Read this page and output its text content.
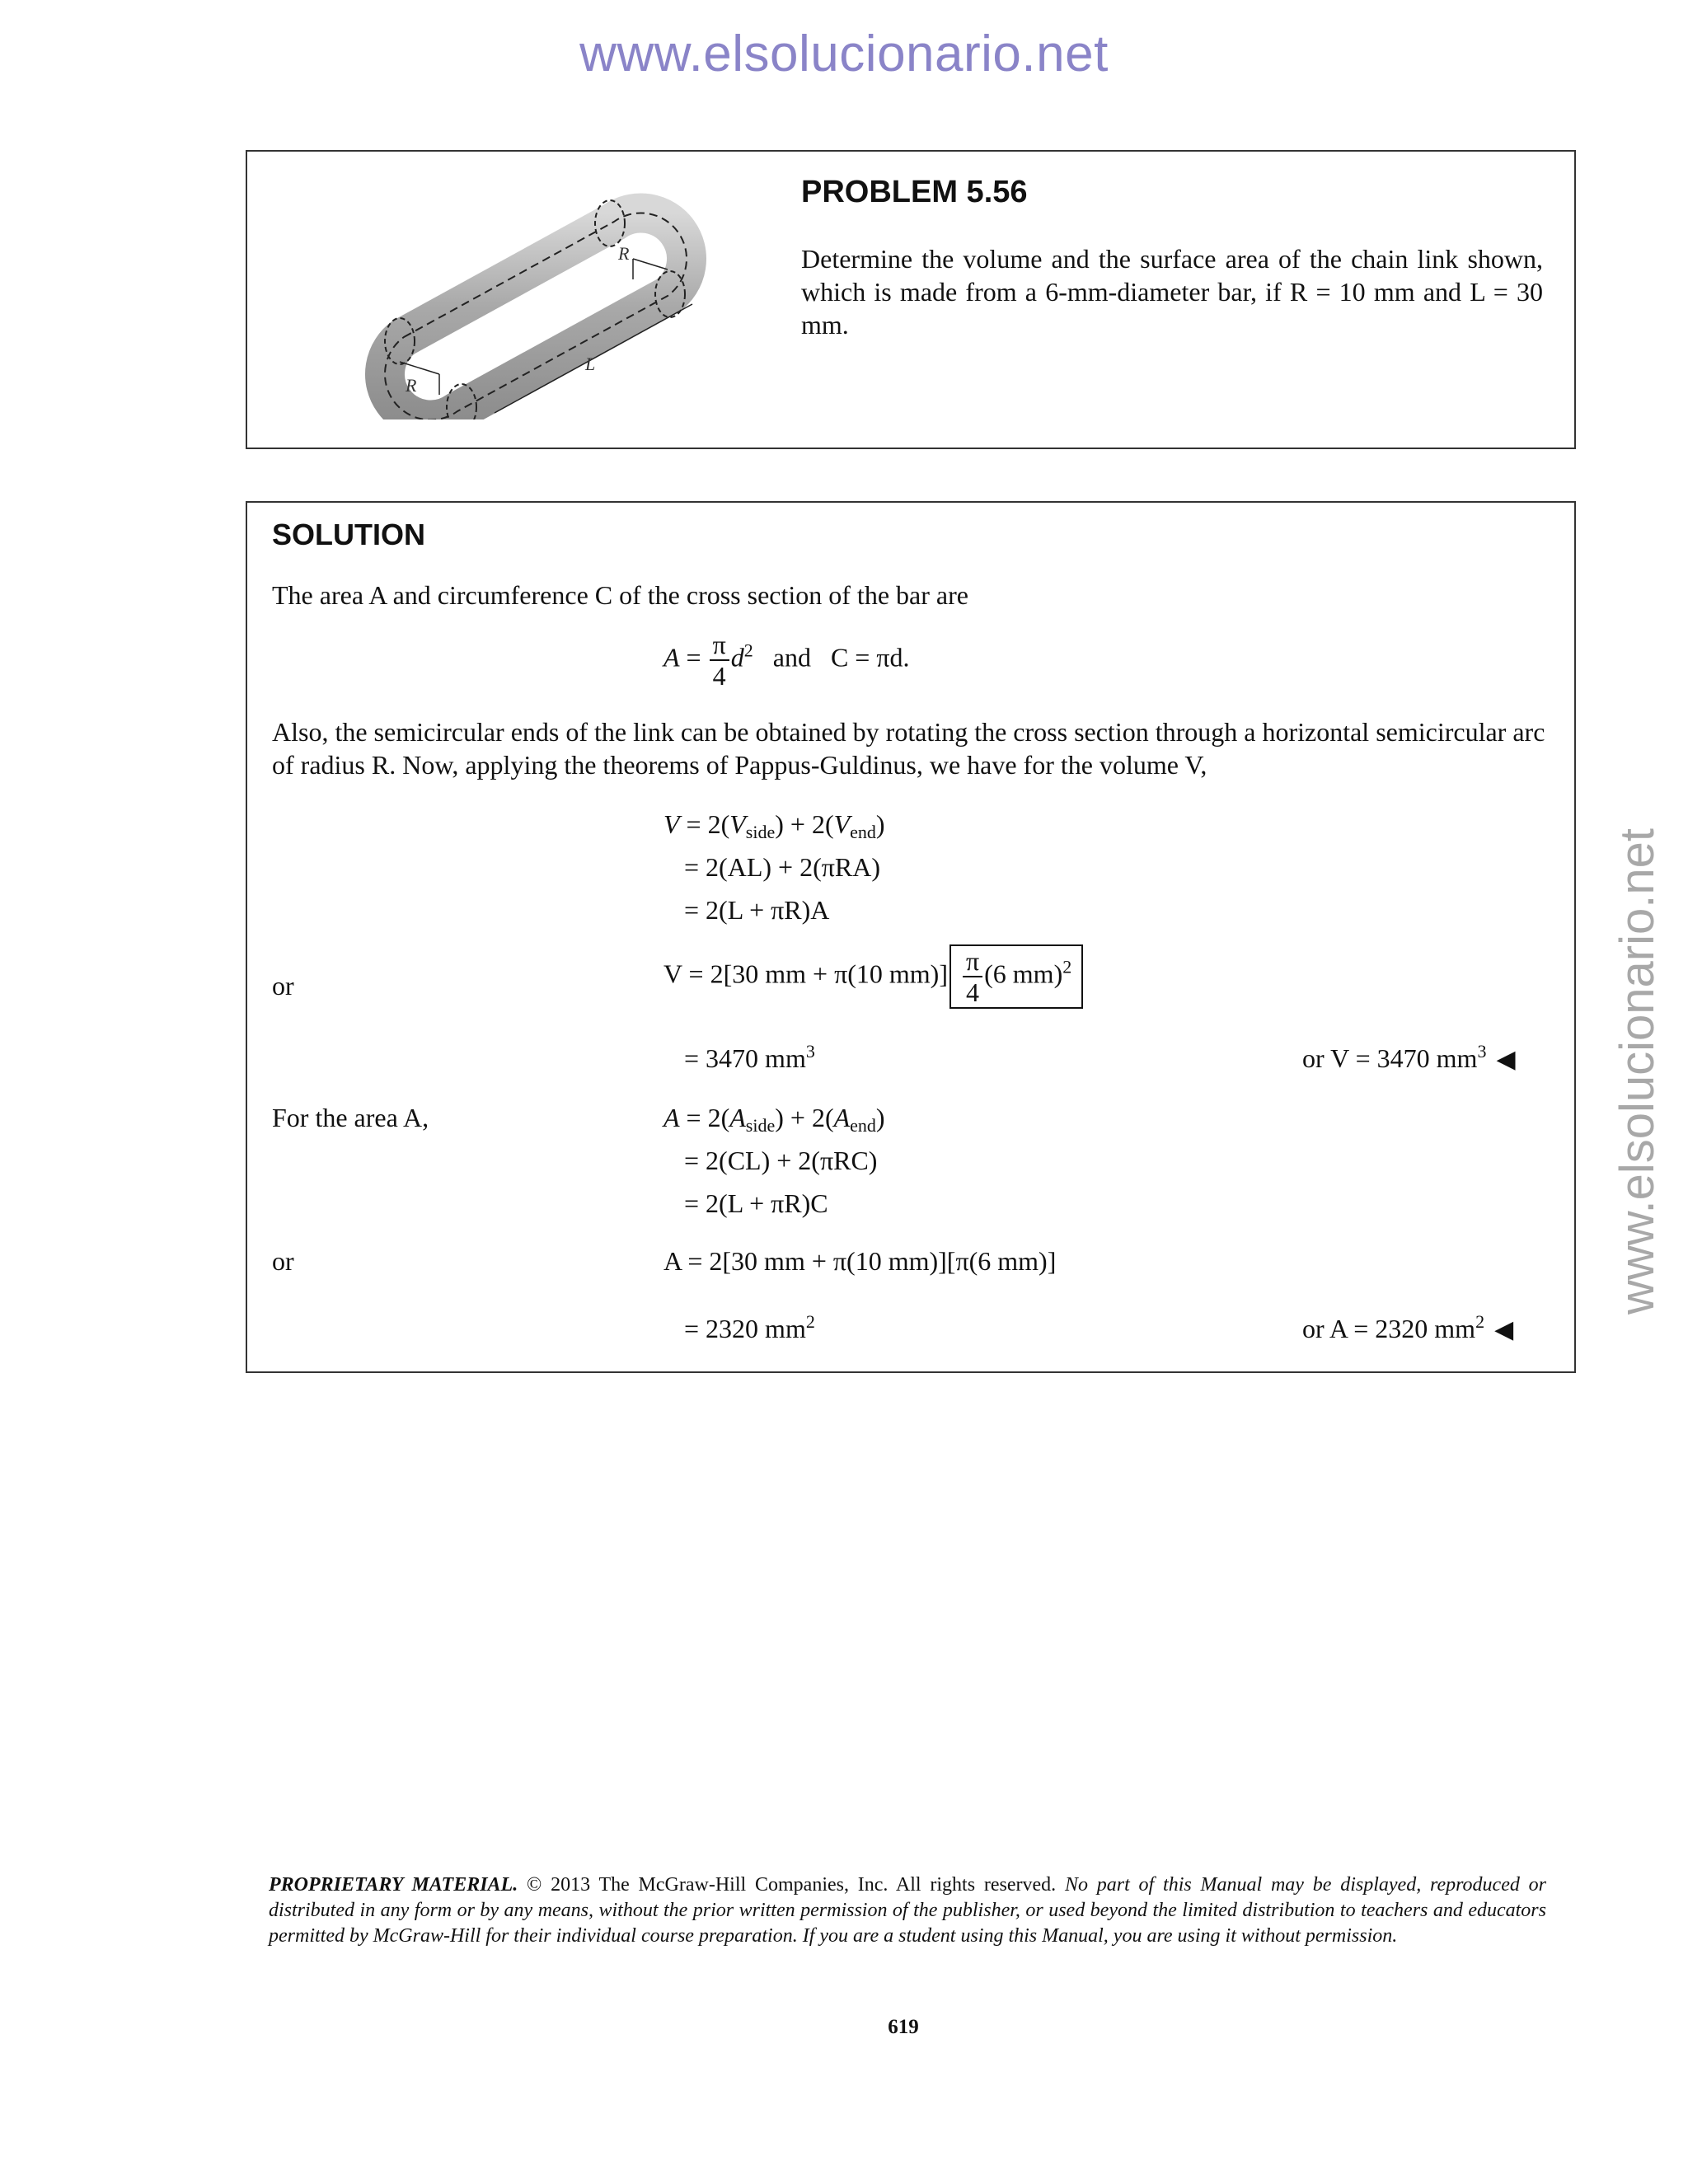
www.elsolucionario.net
www.elsolucionario.net
R
R
L
PROBLEM 5.56
Determine the volume and the surface area of the chain link shown, which is made from a 6-mm-diameter bar, if R = 10 mm and L = 30 mm.
SOLUTION
The area A and circumference C of the cross section of the bar are
$A = \frac{\pi}{4} d^2$ and C = πd.
Also, the semicircular ends of the link can be obtained by rotating the cross section through a horizontal semicircular arc of radius R. Now, applying the theorems of Pappus-Guldinus, we have for the volume V,
$V = 2(V_{side}) + 2(V_{end})$
= 2(AL) + 2(πRA)
= 2(L + πR)A
or	V = 2[30 mm + π(10 $mm)] \frac{\pi}{4} (6$ mm)$^2$
= 3470 $mm^3$	or V = 3470 $mm^3$ ◀
For the area A,	$A = 2(A_{side}) + 2(A_{end})$
= 2(CL) + 2(πRC)
= 2(L + πR)C
or	A = 2[30 mm + π(10 mm)][π(6 mm)]
= 2320 $mm^2$	or A = 2320 $mm^2$ ◀
PROPRIETARY MATERIAL. © 2013 The McGraw-Hill Companies, Inc. All rights reserved. No part of this Manual may be displayed, reproduced or distributed in any form or by any means, without the prior written permission of the publisher, or used beyond the limited distribution to teachers and educators permitted by McGraw-Hill for their individual course preparation. If you are a student using this Manual, you are using it without permission.
619
